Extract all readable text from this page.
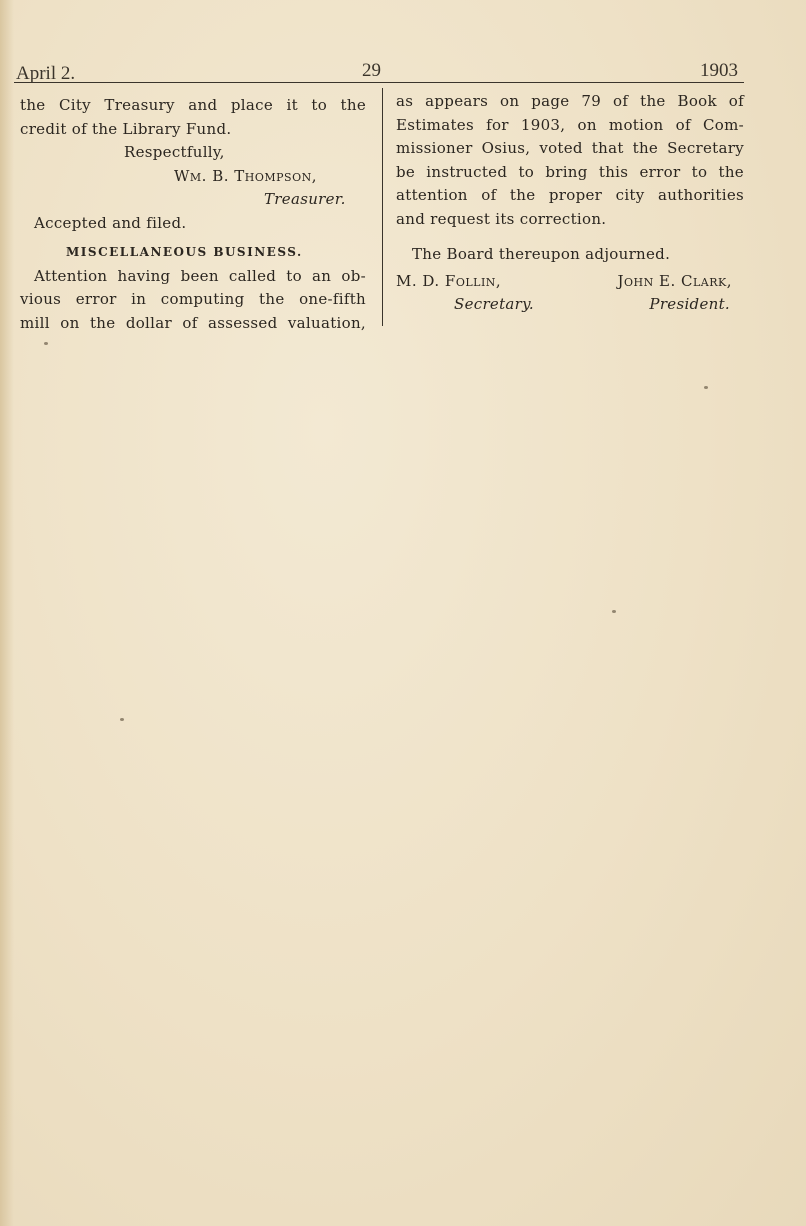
April 2.	29	1903
the City Treasury and place it to the
credit of the Library Fund.
Respectfully,
Wm. B. Thompson,
Treasurer.
Accepted and filed.
MISCELLANEOUS BUSINESS.
Attention having been called to an ob-
vious error in computing the one-fifth
mill on the dollar of assessed valuation,
as appears on page 79 of the Book of
Estimates for 1903, on motion of Com-
missioner Osius, voted that the Secretary
be instructed to bring this error to the
attention of the proper city authorities
and request its correction.
The Board thereupon adjourned.
M. D. Follin,	John E. Clark,
Secretary.	President.
